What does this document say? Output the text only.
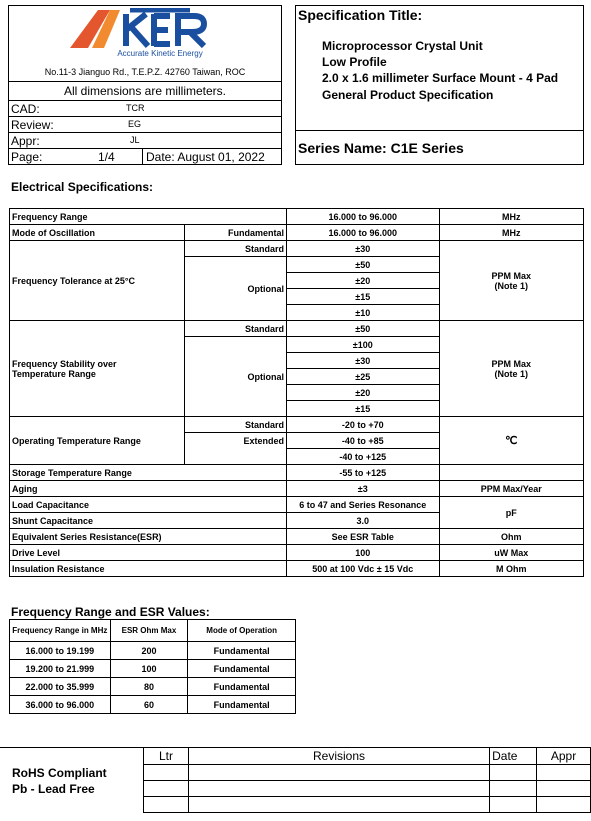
Accurate Kinetic Energy
No.11-3 Jianguo Rd., T.E.P.Z. 42760 Taiwan, ROC
All dimensions are millimeters.
CAD:	TCR
Review:	EG
Appr:	JL
Page:	1/4	Date: August 01, 2022
Specification Title:
Microprocessor Crystal Unit
Low Profile
2.0 x 1.6 millimeter Surface Mount - 4 Pad
General Product Specification
Series Name: C1E Series
Electrical Specifications:
Frequency Range		16.000 to 96.000	MHz
Mode of Oscillation	Fundamental	16.000 to 96.000	MHz
Frequency Tolerance at 25°C	Standard	±30	PPM Max
(Note 1)
	Optional	±50	
		±20	
		±15	
		±10	
Frequency Stability over
Temperature Range	Standard	±50	PPM Max
(Note 1)
	Optional	±100	
		±30	
		±25	
		±20	
		±15	
Operating Temperature Range	Standard	-20 to +70	℃
	Extended	-40 to +85	
		-40 to +125	
Storage Temperature Range		-55 to +125	
Aging		±3	PPM Max/Year
Load Capacitance		6 to 47 and Series Resonance	pF
Shunt Capacitance		3.0	
Equivalent Series Resistance(ESR)		See ESR Table	Ohm
Drive Level		100	uW Max
Insulation Resistance		500 at 100 Vdc ± 15 Vdc	M Ohm
Frequency Range and ESR Values:
Frequency Range in MHz	ESR Ohm Max	Mode of Operation
16.000 to 19.199	200	Fundamental
19.200 to 21.999	100	Fundamental
22.000 to 35.999	80	Fundamental
36.000 to 96.000	60	Fundamental
RoHS Compliant
Pb - Lead Free
Ltr	Revisions	Date	Appr
